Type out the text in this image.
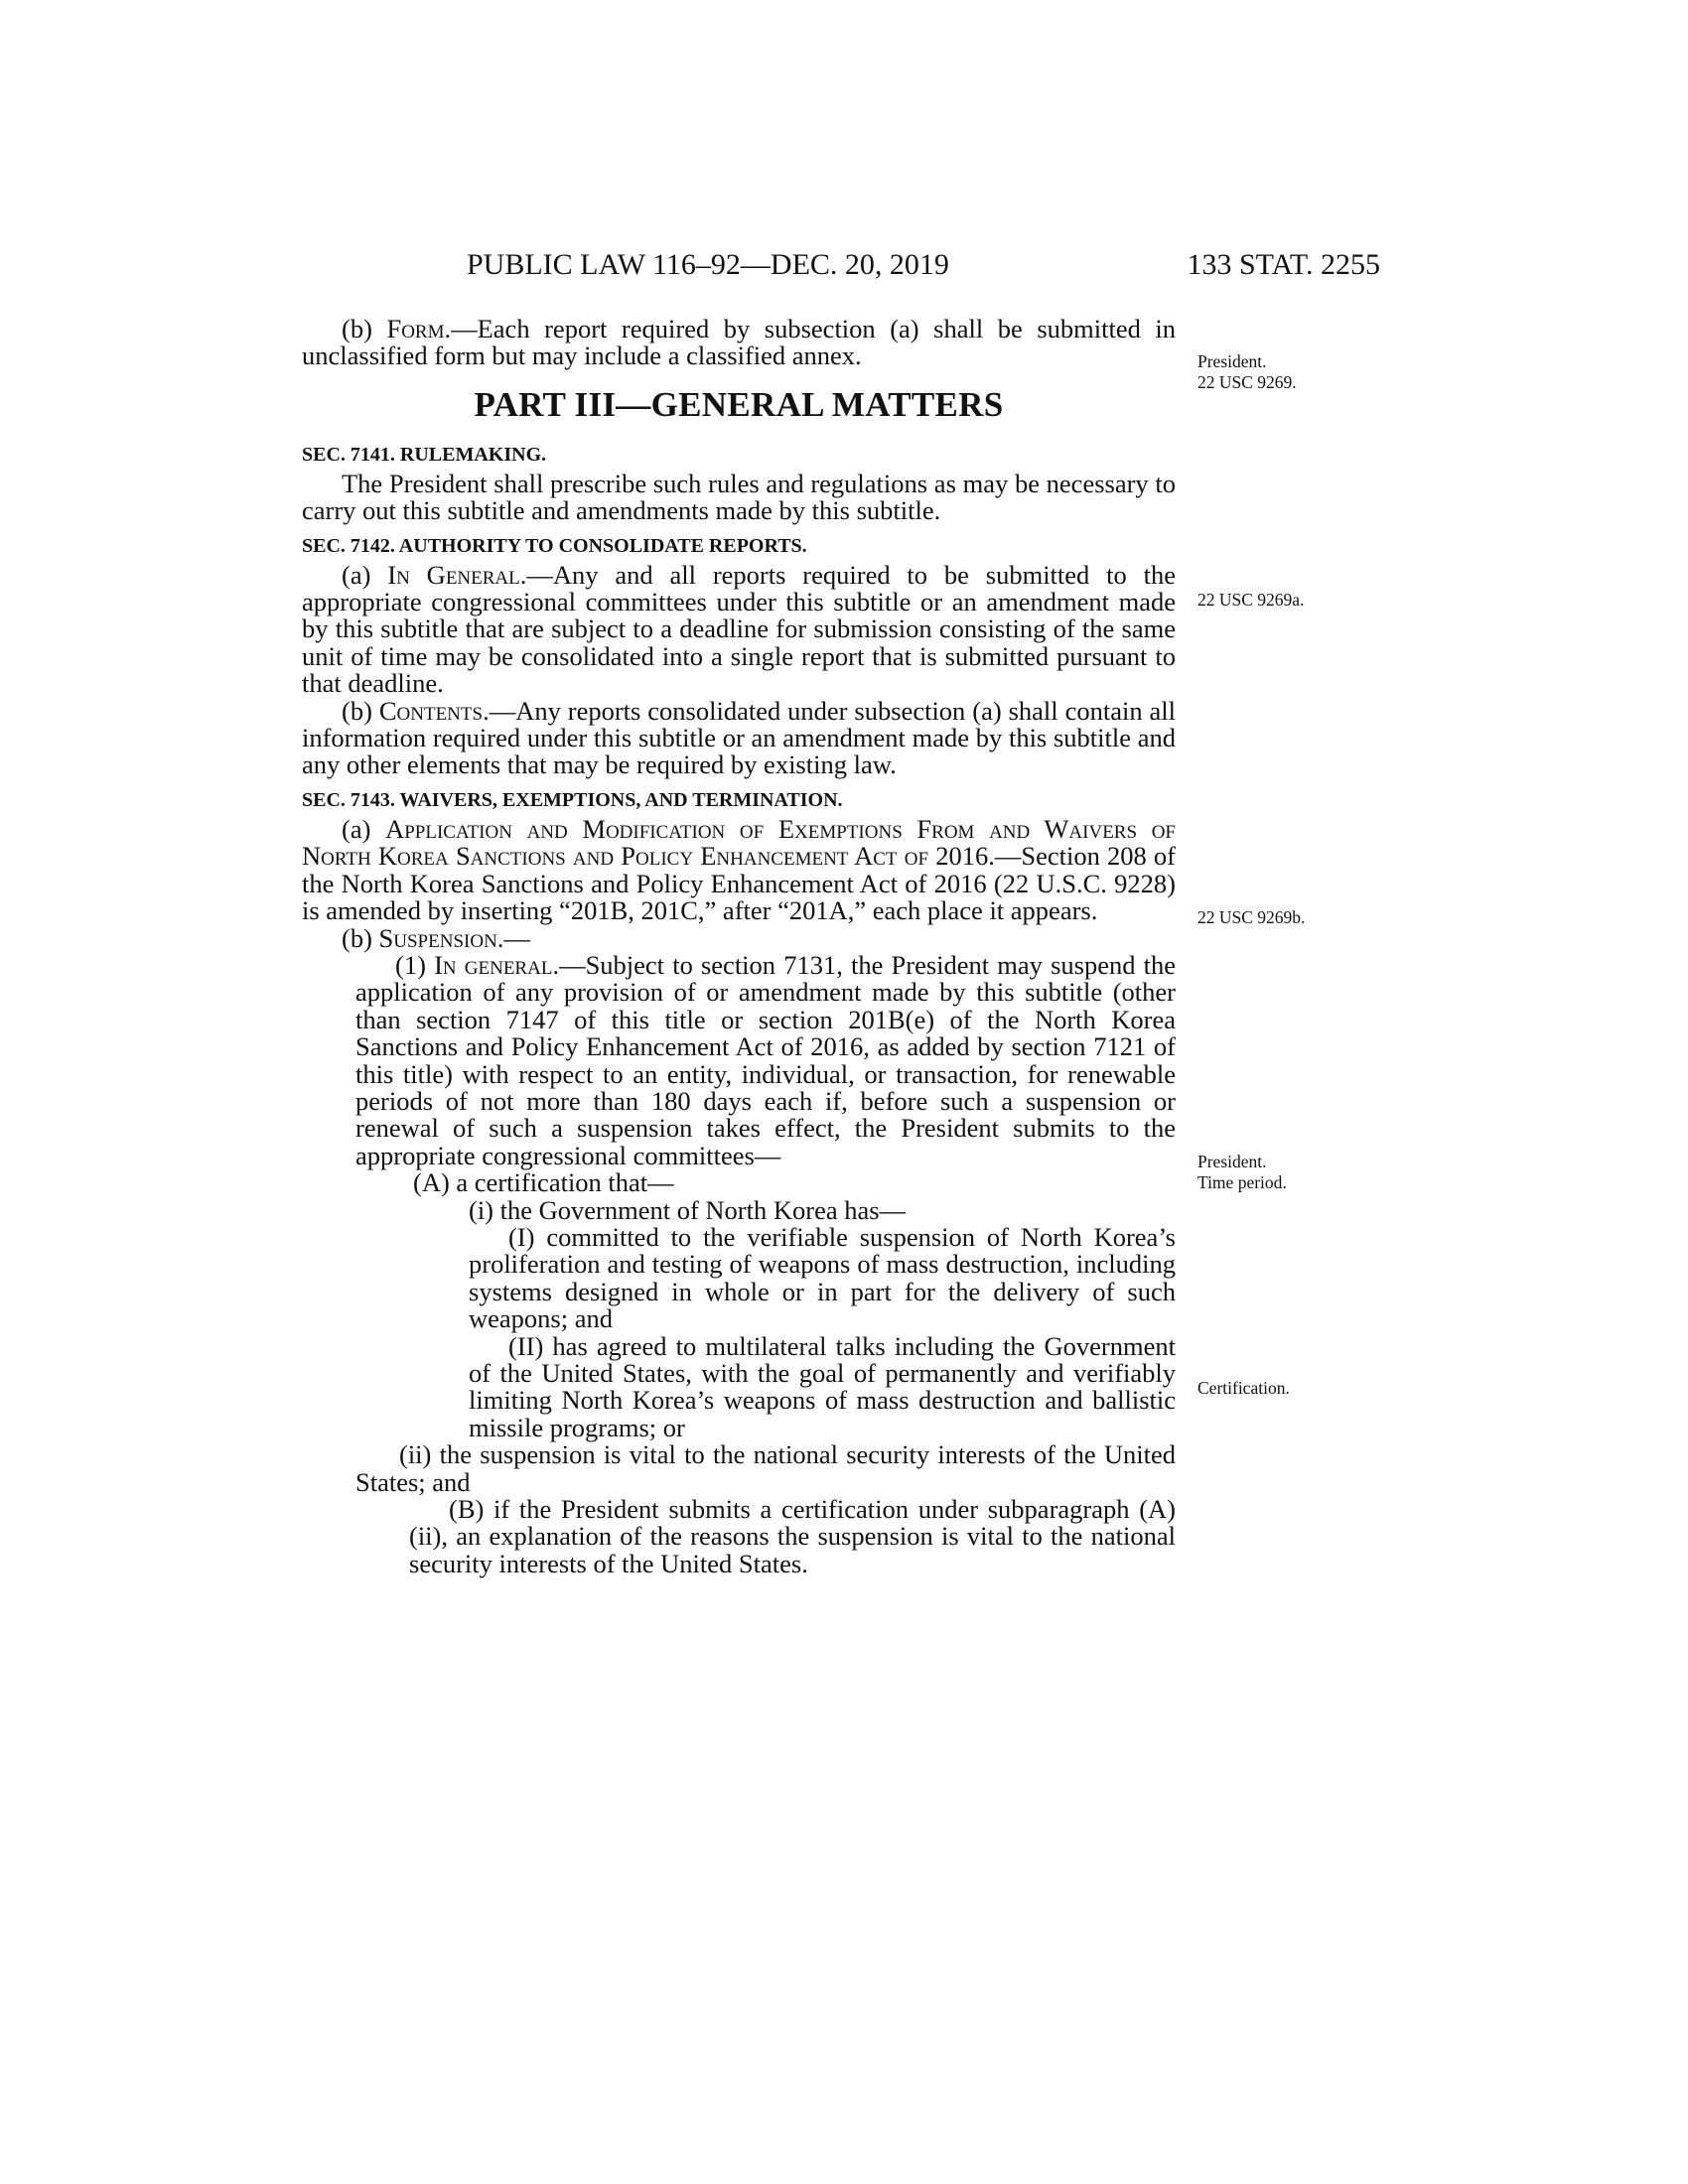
PUBLIC LAW 116–92—DEC. 20, 2019	133 STAT. 2255

(b) Form.—Each report required by subsection (a) shall be submitted in unclassified form but may include a classified annex.

PART III—GENERAL MATTERS
SEC. 7141. RULEMAKING.

The President shall prescribe such rules and regulations as may be necessary to carry out this subtitle and amendments made by this subtitle.

SEC. 7142. AUTHORITY TO CONSOLIDATE REPORTS.

(a) In General.—Any and all reports required to be submitted to the appropriate congressional committees under this subtitle or an amendment made by this subtitle that are subject to a deadline for submission consisting of the same unit of time may be consolidated into a single report that is submitted pursuant to that deadline.

(b) Contents.—Any reports consolidated under subsection (a) shall contain all information required under this subtitle or an amendment made by this subtitle and any other elements that may be required by existing law.

SEC. 7143. WAIVERS, EXEMPTIONS, AND TERMINATION.

(a) Application and Modification of Exemptions From and Waivers of North Korea Sanctions and Policy Enhancement Act of 2016.—Section 208 of the North Korea Sanctions and Policy Enhancement Act of 2016 (22 U.S.C. 9228) is amended by inserting “201B, 201C,” after “201A,” each place it appears.

(b) Suspension.—

(1) In general.—Subject to section 7131, the President may suspend the application of any provision of or amendment made by this subtitle (other than section 7147 of this title or section 201B(e) of the North Korea Sanctions and Policy Enhancement Act of 2016, as added by section 7121 of this title) with respect to an entity, individual, or transaction, for renewable periods of not more than 180 days each if, before such a suspension or renewal of such a suspension takes effect, the President submits to the appropriate congressional committees—

(A) a certification that—

(i) the Government of North Korea has—

(I) committed to the verifiable suspension of North Korea’s proliferation and testing of weapons of mass destruction, including systems designed in whole or in part for the delivery of such weapons; and

(II) has agreed to multilateral talks including the Government of the United States, with the goal of permanently and verifiably limiting North Korea’s weapons of mass destruction and ballistic missile programs; or

(ii) the suspension is vital to the national security interests of the United States; and

(B) if the President submits a certification under subparagraph (A)(ii), an explanation of the reasons the suspension is vital to the national security interests of the United States.

President.
22 USC 9269.
22 USC 9269a.
22 USC 9269b.
President.
Time period.
Certification.
